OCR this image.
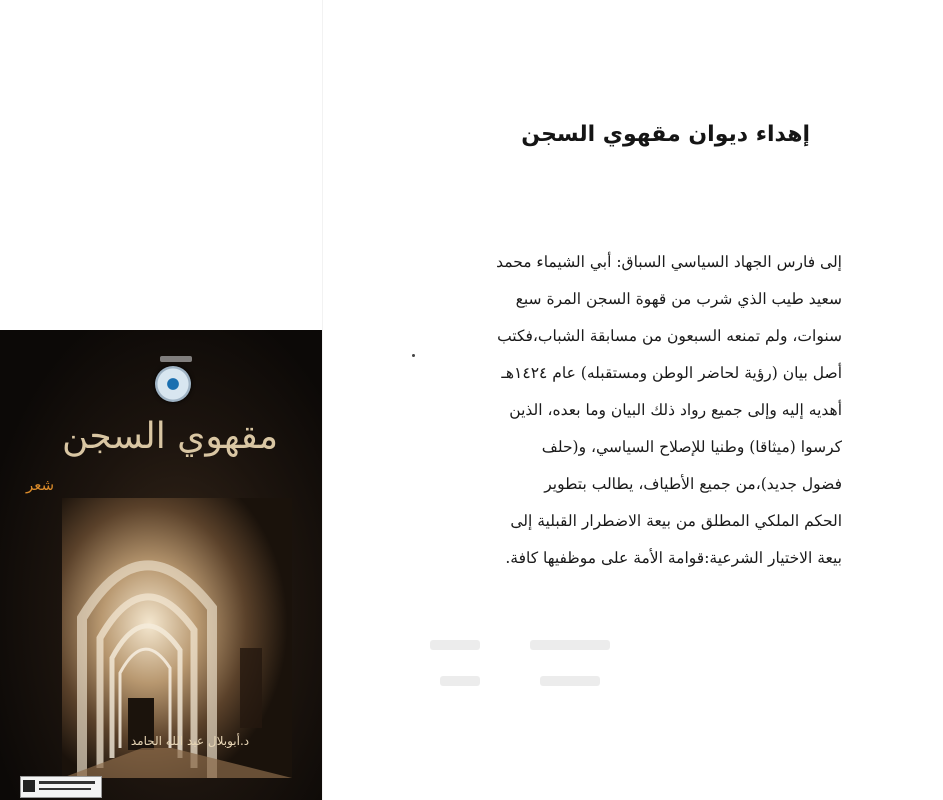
مقهوي السجن
شعر
د.أبوبلال عبد الله الحامد
إهداء ديوان مقهوي السجن
إلى فارس الجهاد السياسي السباق: أبي الشيماء محمد
سعيد طيب الذي شرب من قهوة السجن المرة سبع
سنوات، ولم تمنعه السبعون من مسابقة الشباب،فكتب
أصل بيان (رؤية لحاضر الوطن ومستقبله) عام ١٤٢٤هـ
أهديه إليه وإلى جميع رواد ذلك البيان وما بعده، الذين
كرسوا (ميثاقا) وطنيا للإصلاح السياسي، و(حلف
فضول جديد)،من جميع الأطياف، يطالب بتطوير
الحكم الملكي المطلق من بيعة الاضطرار القبلية إلى
بيعة الاختيار الشرعية:قوامة الأمة على موظفيها كافة.
